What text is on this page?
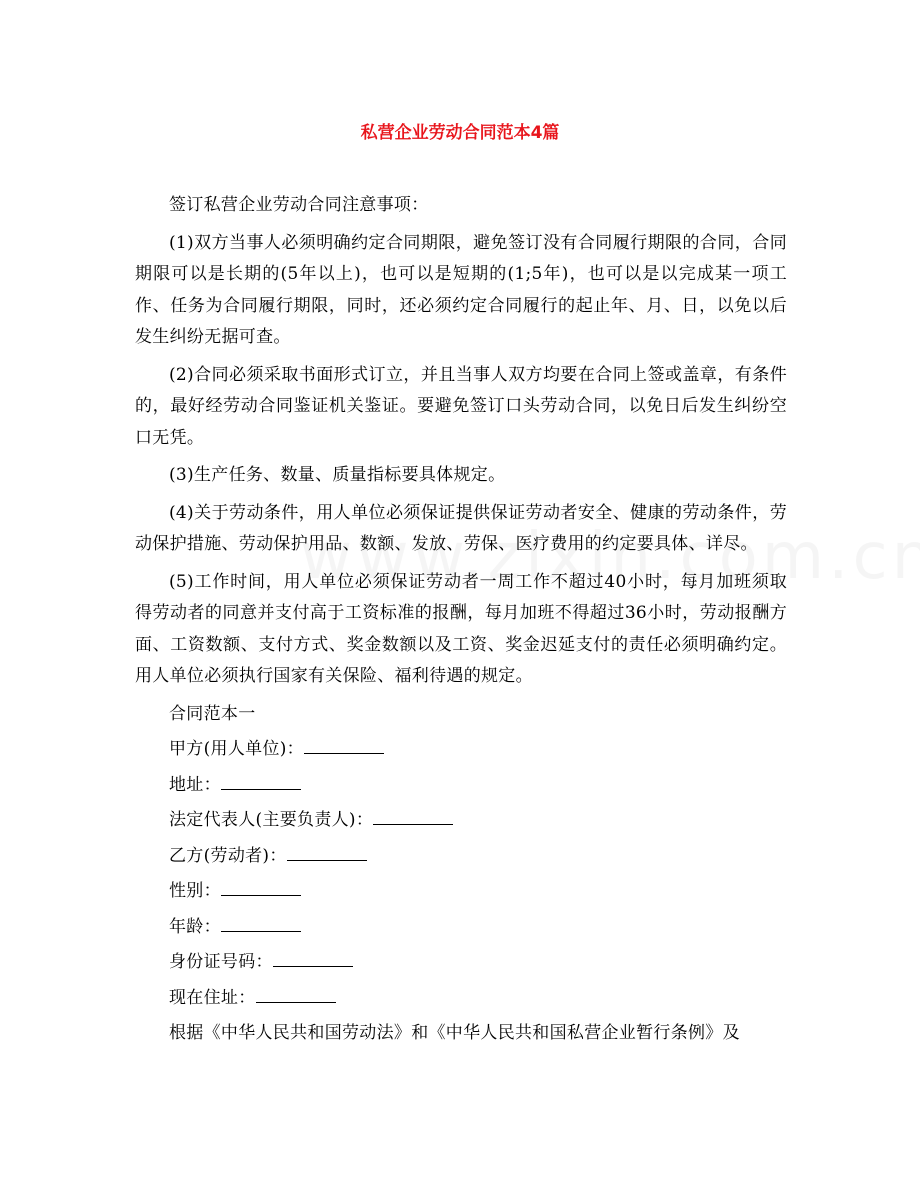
私营企业劳动合同范本4篇

签订私营企业劳动合同注意事项：

(1)双方当事人必须明确约定合同期限，避免签订没有合同履行期限的合同，合同期限可以是长期的(5年以上)，也可以是短期的(1;5年)，也可以是以完成某一项工作、任务为合同履行期限，同时，还必须约定合同履行的起止年、月、日，以免以后发生纠纷无据可查。

(2)合同必须采取书面形式订立，并且当事人双方均要在合同上签或盖章，有条件的，最好经劳动合同鉴证机关鉴证。要避免签订口头劳动合同，以免日后发生纠纷空口无凭。

(3)生产任务、数量、质量指标要具体规定。

(4)关于劳动条件，用人单位必须保证提供保证劳动者安全、健康的劳动条件，劳动保护措施、劳动保护用品、数额、发放、劳保、医疗费用的约定要具体、详尽。

(5)工作时间，用人单位必须保证劳动者一周工作不超过40小时，每月加班须取得劳动者的同意并支付高于工资标准的报酬，每月加班不得超过36小时，劳动报酬方面、工资数额、支付方式、奖金数额以及工资、奖金迟延支付的责任必须明确约定。用人单位必须执行国家有关保险、福利待遇的规定。

合同范本一

甲方(用人单位)：

地址：

法定代表人(主要负责人)：

乙方(劳动者)：

性别：

年龄：

身份证号码：

现在住址：

根据《中华人民共和国劳动法》和《中华人民共和国私营企业暂行条例》及
